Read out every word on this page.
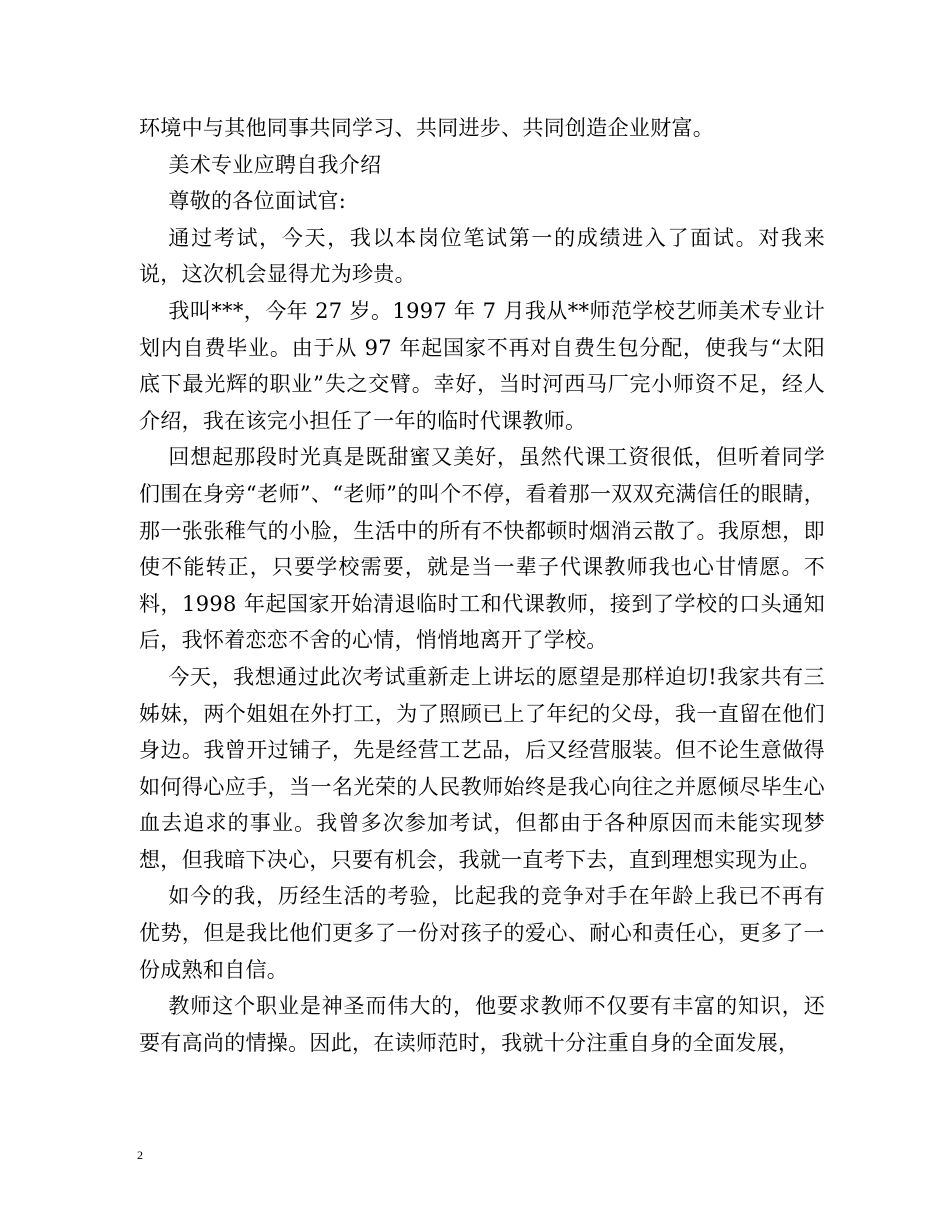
环境中与其他同事共同学习、共同进步、共同创造企业财富。

美术专业应聘自我介绍

尊敬的各位面试官:

通过考试，今天，我以本岗位笔试第一的成绩进入了面试。对我来说，这次机会显得尤为珍贵。

我叫***，今年 27 岁。1997 年 7 月我从**师范学校艺师美术专业计划内自费毕业。由于从 97 年起国家不再对自费生包分配，使我与“太阳底下最光辉的职业”失之交臂。幸好，当时河西马厂完小师资不足，经人介绍，我在该完小担任了一年的临时代课教师。

回想起那段时光真是既甜蜜又美好，虽然代课工资很低，但听着同学们围在身旁“老师”、“老师”的叫个不停，看着那一双双充满信任的眼睛，那一张张稚气的小脸，生活中的所有不快都顿时烟消云散了。我原想，即使不能转正，只要学校需要，就是当一辈子代课教师我也心甘情愿。不料，1998 年起国家开始清退临时工和代课教师，接到了学校的口头通知后，我怀着恋恋不舍的心情，悄悄地离开了学校。

今天，我想通过此次考试重新走上讲坛的愿望是那样迫切!我家共有三姊妹，两个姐姐在外打工，为了照顾已上了年纪的父母，我一直留在他们身边。我曾开过铺子，先是经营工艺品，后又经营服装。但不论生意做得如何得心应手，当一名光荣的人民教师始终是我心向往之并愿倾尽毕生心血去追求的事业。我曾多次参加考试，但都由于各种原因而未能实现梦想，但我暗下决心，只要有机会，我就一直考下去，直到理想实现为止。

如今的我，历经生活的考验，比起我的竞争对手在年龄上我已不再有优势，但是我比他们更多了一份对孩子的爱心、耐心和责任心，更多了一份成熟和自信。

教师这个职业是神圣而伟大的，他要求教师不仅要有丰富的知识，还要有高尚的情操。因此，在读师范时，我就十分注重自身的全面发展，

2
